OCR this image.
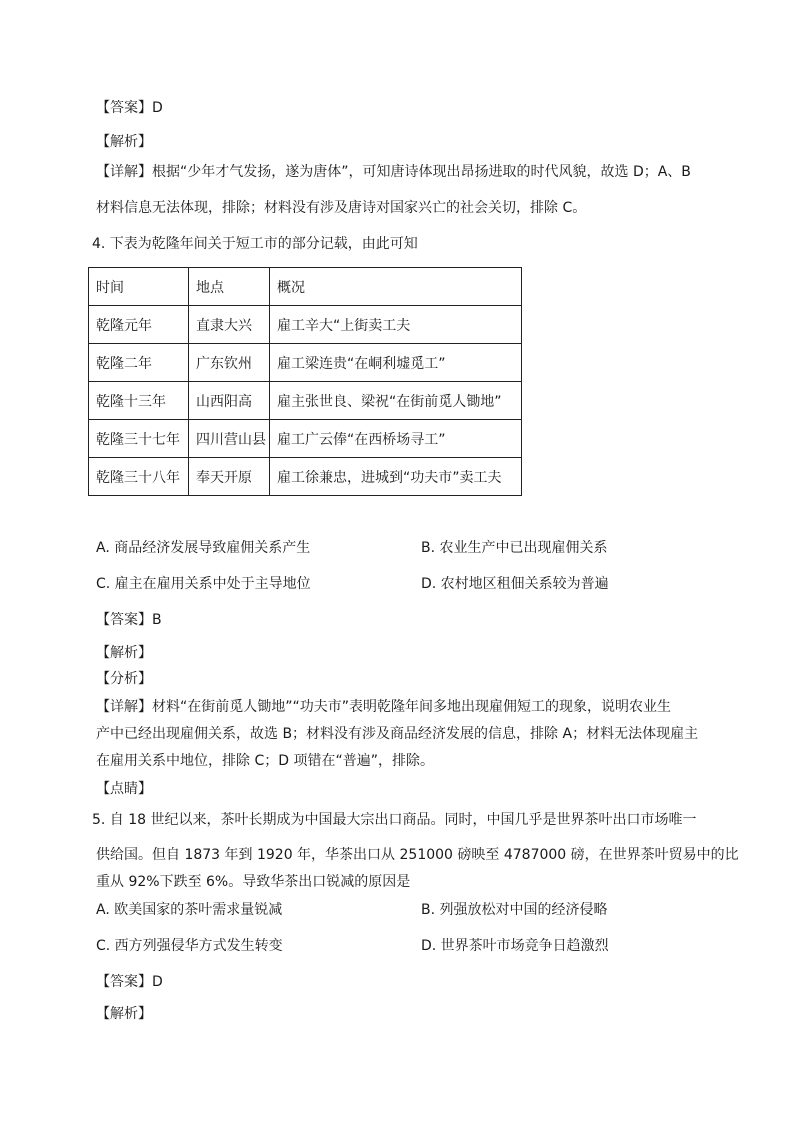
【答案】D
【解析】
【详解】根据“少年才气发扬，遂为唐体”，可知唐诗体现出昂扬进取的时代风貌，故选 D；A、B
材料信息无法体现，排除；材料没有涉及唐诗对国家兴亡的社会关切，排除 C。
4. 下表为乾隆年间关于短工市的部分记载，由此可知
时间	地点	概况
乾隆元年	直隶大兴	雇工辛大“上街卖工夫
乾隆二年	广东钦州	雇工梁连贵“在峒利墟觅工”
乾隆十三年	山西阳高	雇主张世良、梁祝“在街前觅人锄地”
乾隆三十七年	四川营山县	雇工广云俸“在西桥场寻工”
乾隆三十八年	奉天开原	雇工徐兼忠，进城到“功夫市”卖工夫
A. 商品经济发展导致雇佣关系产生	B. 农业生产中已出现雇佣关系
C. 雇主在雇用关系中处于主导地位	D. 农村地区租佃关系较为普遍
【答案】B
【解析】
【分析】
【详解】材料“在街前觅人锄地”“功夫市”表明乾隆年间多地出现雇佣短工的现象，说明农业生
产中已经出现雇佣关系，故选 B；材料没有涉及商品经济发展的信息，排除 A；材料无法体现雇主
在雇用关系中地位，排除 C；D 项错在“普遍”，排除。
【点睛】
5. 自 18 世纪以来，茶叶长期成为中国最大宗出口商品。同时，中国几乎是世界茶叶出口市场唯一
供给国。但自 1873 年到 1920 年，华茶出口从 251000 磅映至 4787000 磅，在世界茶叶贸易中的比
重从 92%下跌至 6%。导致华茶出口锐减的原因是
A. 欧美国家的茶叶需求量锐减	B. 列强放松对中国的经济侵略
C. 西方列强侵华方式发生转变	D. 世界茶叶市场竞争日趋激烈
【答案】D
【解析】
